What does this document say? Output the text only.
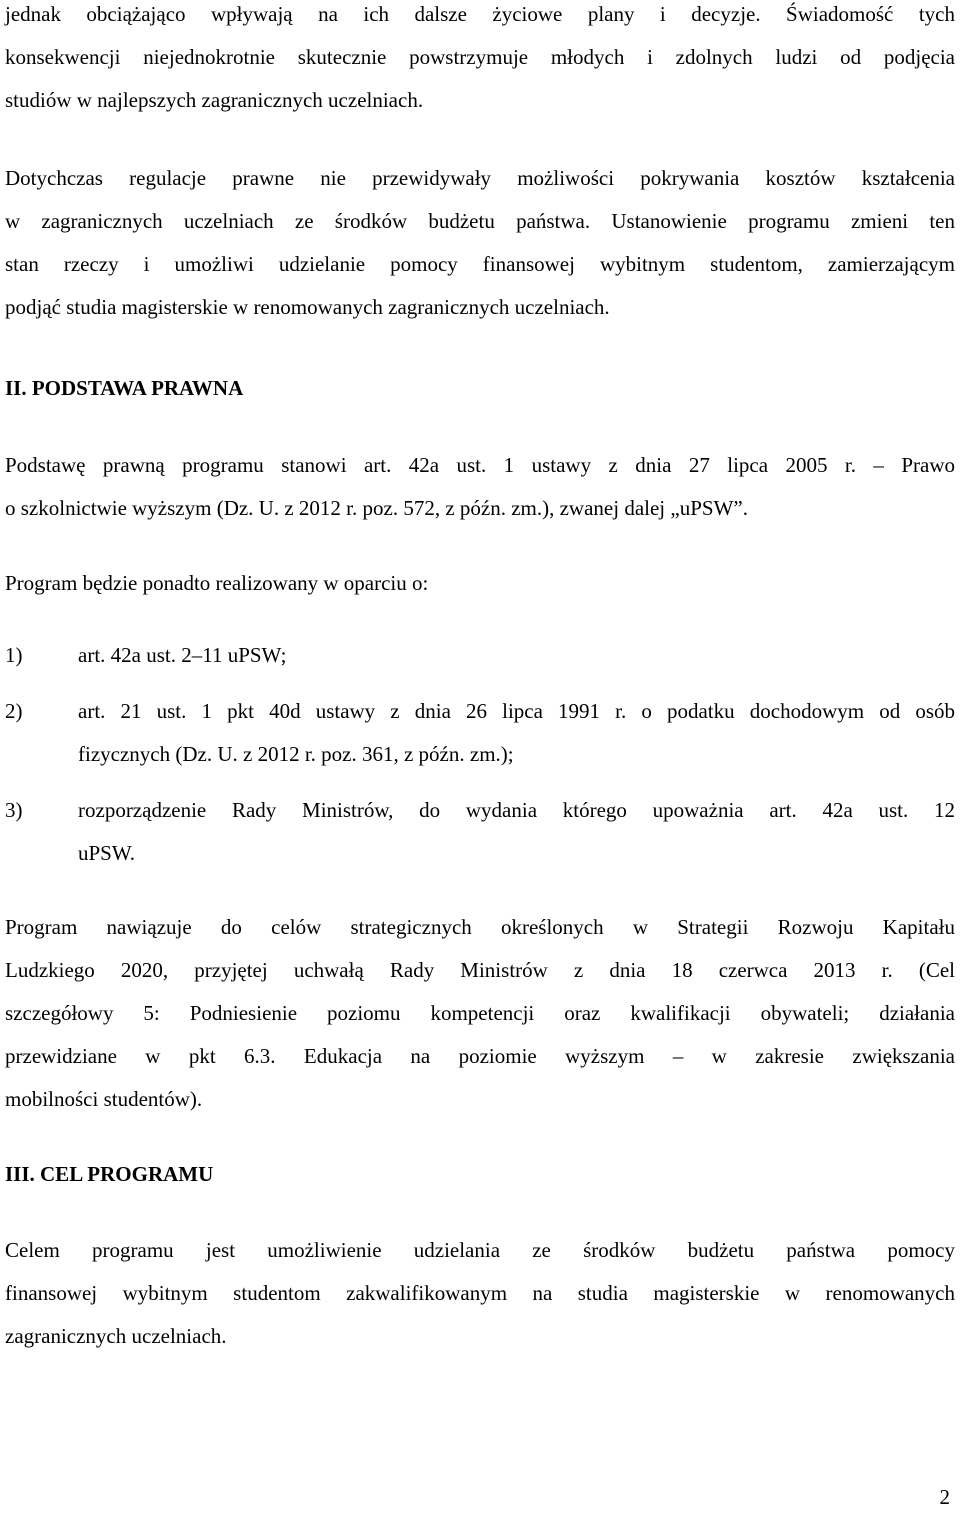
jednak obciążająco wpływają na ich dalsze życiowe plany i decyzje. Świadomość tych
konsekwencji niejednokrotnie skutecznie powstrzymuje młodych i zdolnych ludzi od podjęcia
studiów w najlepszych zagranicznych uczelniach.
Dotychczas regulacje prawne nie przewidywały możliwości pokrywania kosztów kształcenia
w zagranicznych uczelniach ze środków budżetu państwa. Ustanowienie programu zmieni ten
stan rzeczy i umożliwi udzielanie pomocy finansowej wybitnym studentom, zamierzającym
podjąć studia magisterskie w renomowanych zagranicznych uczelniach.
II. PODSTAWA PRAWNA
Podstawę prawną programu stanowi art. 42a ust. 1 ustawy z dnia 27 lipca 2005 r. – Prawo
o szkolnictwie wyższym (Dz. U. z 2012 r. poz. 572, z późn. zm.), zwanej dalej „uPSW”.
Program będzie ponadto realizowany w oparciu o:
1)	art. 42a ust. 2–11 uPSW;
2)	art. 21 ust. 1 pkt 40d ustawy z dnia 26 lipca 1991 r. o podatku dochodowym od osób
fizycznych (Dz. U. z 2012 r. poz. 361, z późn. zm.);
3)	rozporządzenie Rady Ministrów, do wydania którego upoważnia art. 42a ust. 12
uPSW.
Program nawiązuje do celów strategicznych określonych w Strategii Rozwoju Kapitału
Ludzkiego 2020, przyjętej uchwałą Rady Ministrów z dnia 18 czerwca 2013 r. (Cel
szczegółowy 5: Podniesienie poziomu kompetencji oraz kwalifikacji obywateli; działania
przewidziane w pkt 6.3. Edukacja na poziomie wyższym – w zakresie zwiększania
mobilności studentów).
III. CEL PROGRAMU
Celem programu jest umożliwienie udzielania ze środków budżetu państwa pomocy
finansowej wybitnym studentom zakwalifikowanym na studia magisterskie w renomowanych
zagranicznych uczelniach.
2
